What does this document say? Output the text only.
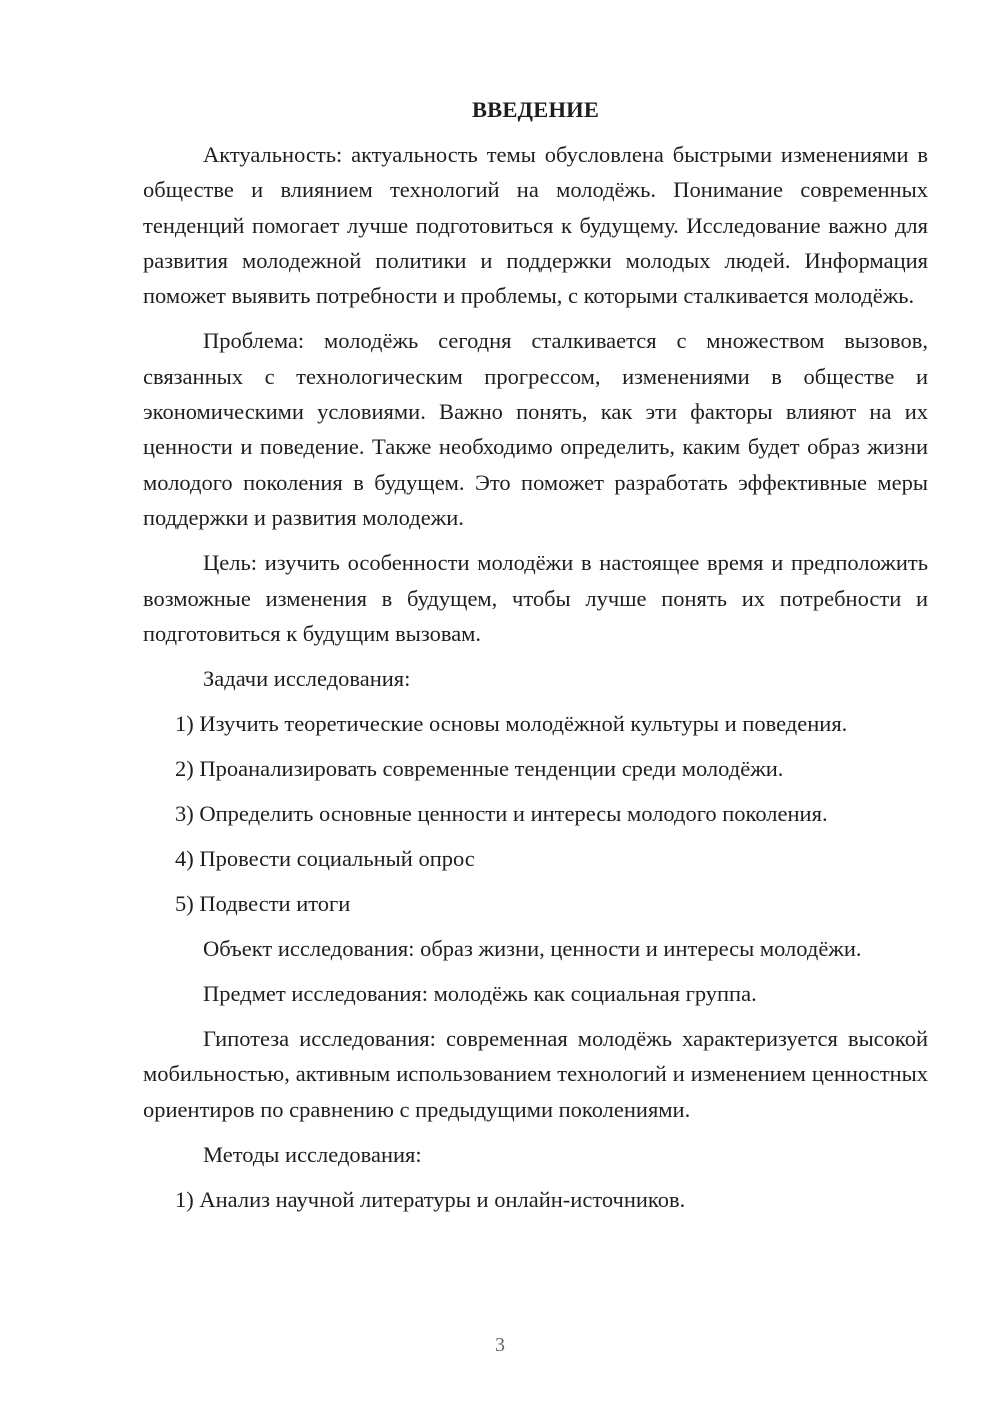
ВВЕДЕНИЕ

Актуальность: актуальность темы обусловлена быстрыми изменениями в обществе и влиянием технологий на молодёжь. Понимание современных тенденций помогает лучше подготовиться к будущему. Исследование важно для развития молодежной политики и поддержки молодых людей. Информация поможет выявить потребности и проблемы, с которыми сталкивается молодёжь.

Проблема: молодёжь сегодня сталкивается с множеством вызовов, связанных с технологическим прогрессом, изменениями в обществе и экономическими условиями. Важно понять, как эти факторы влияют на их ценности и поведение. Также необходимо определить, каким будет образ жизни молодого поколения в будущем. Это поможет разработать эффективные меры поддержки и развития молодежи.

Цель: изучить особенности молодёжи в настоящее время и предположить возможные изменения в будущем, чтобы лучше понять их потребности и подготовиться к будущим вызовам.

Задачи исследования:
1) Изучить теоретические основы молодёжной культуры и поведения.
2) Проанализировать современные тенденции среди молодёжи.
3) Определить основные ценности и интересы молодого поколения.
4) Провести социальный опрос
5) Подвести итоги
Объект исследования: образ жизни, ценности и интересы молодёжи.
Предмет исследования: молодёжь как социальная группа.

Гипотеза исследования: современная молодёжь характеризуется высокой мобильностью, активным использованием технологий и изменением ценностных ориентиров по сравнению с предыдущими поколениями.

Методы исследования:
1) Анализ научной литературы и онлайн-источников.
3
